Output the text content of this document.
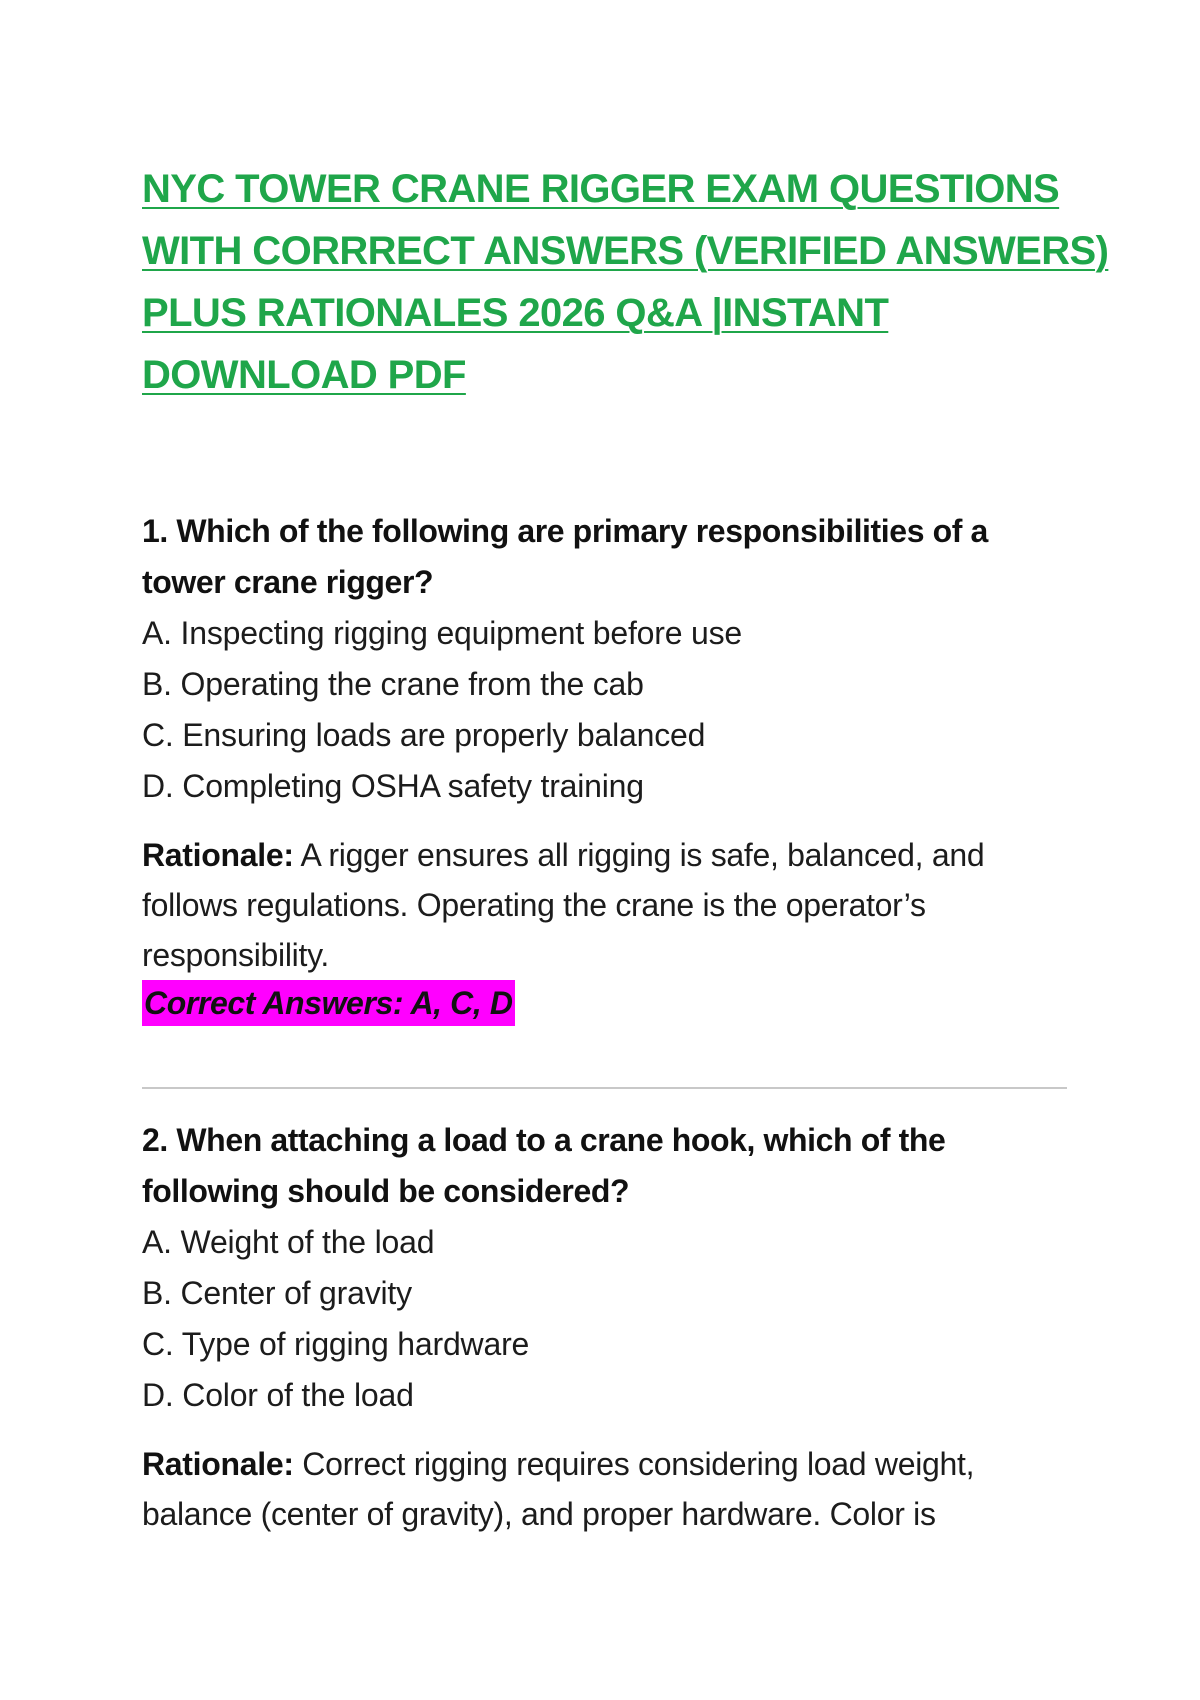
NYC TOWER CRANE RIGGER EXAM QUESTIONS
WITH CORRRECT ANSWERS (VERIFIED ANSWERS)
PLUS RATIONALES 2026 Q&A |INSTANT
DOWNLOAD PDF

1. Which of the following are primary responsibilities of a tower crane rigger?

A. Inspecting rigging equipment before use
B. Operating the crane from the cab
C. Ensuring loads are properly balanced
D. Completing OSHA safety training

Rationale: A rigger ensures all rigging is safe, balanced, and follows regulations. Operating the crane is the operator’s responsibility.

Correct Answers: A, C, D

2. When attaching a load to a crane hook, which of the following should be considered?

A. Weight of the load
B. Center of gravity
C. Type of rigging hardware
D. Color of the load

Rationale: Correct rigging requires considering load weight, balance (center of gravity), and proper hardware. Color is
